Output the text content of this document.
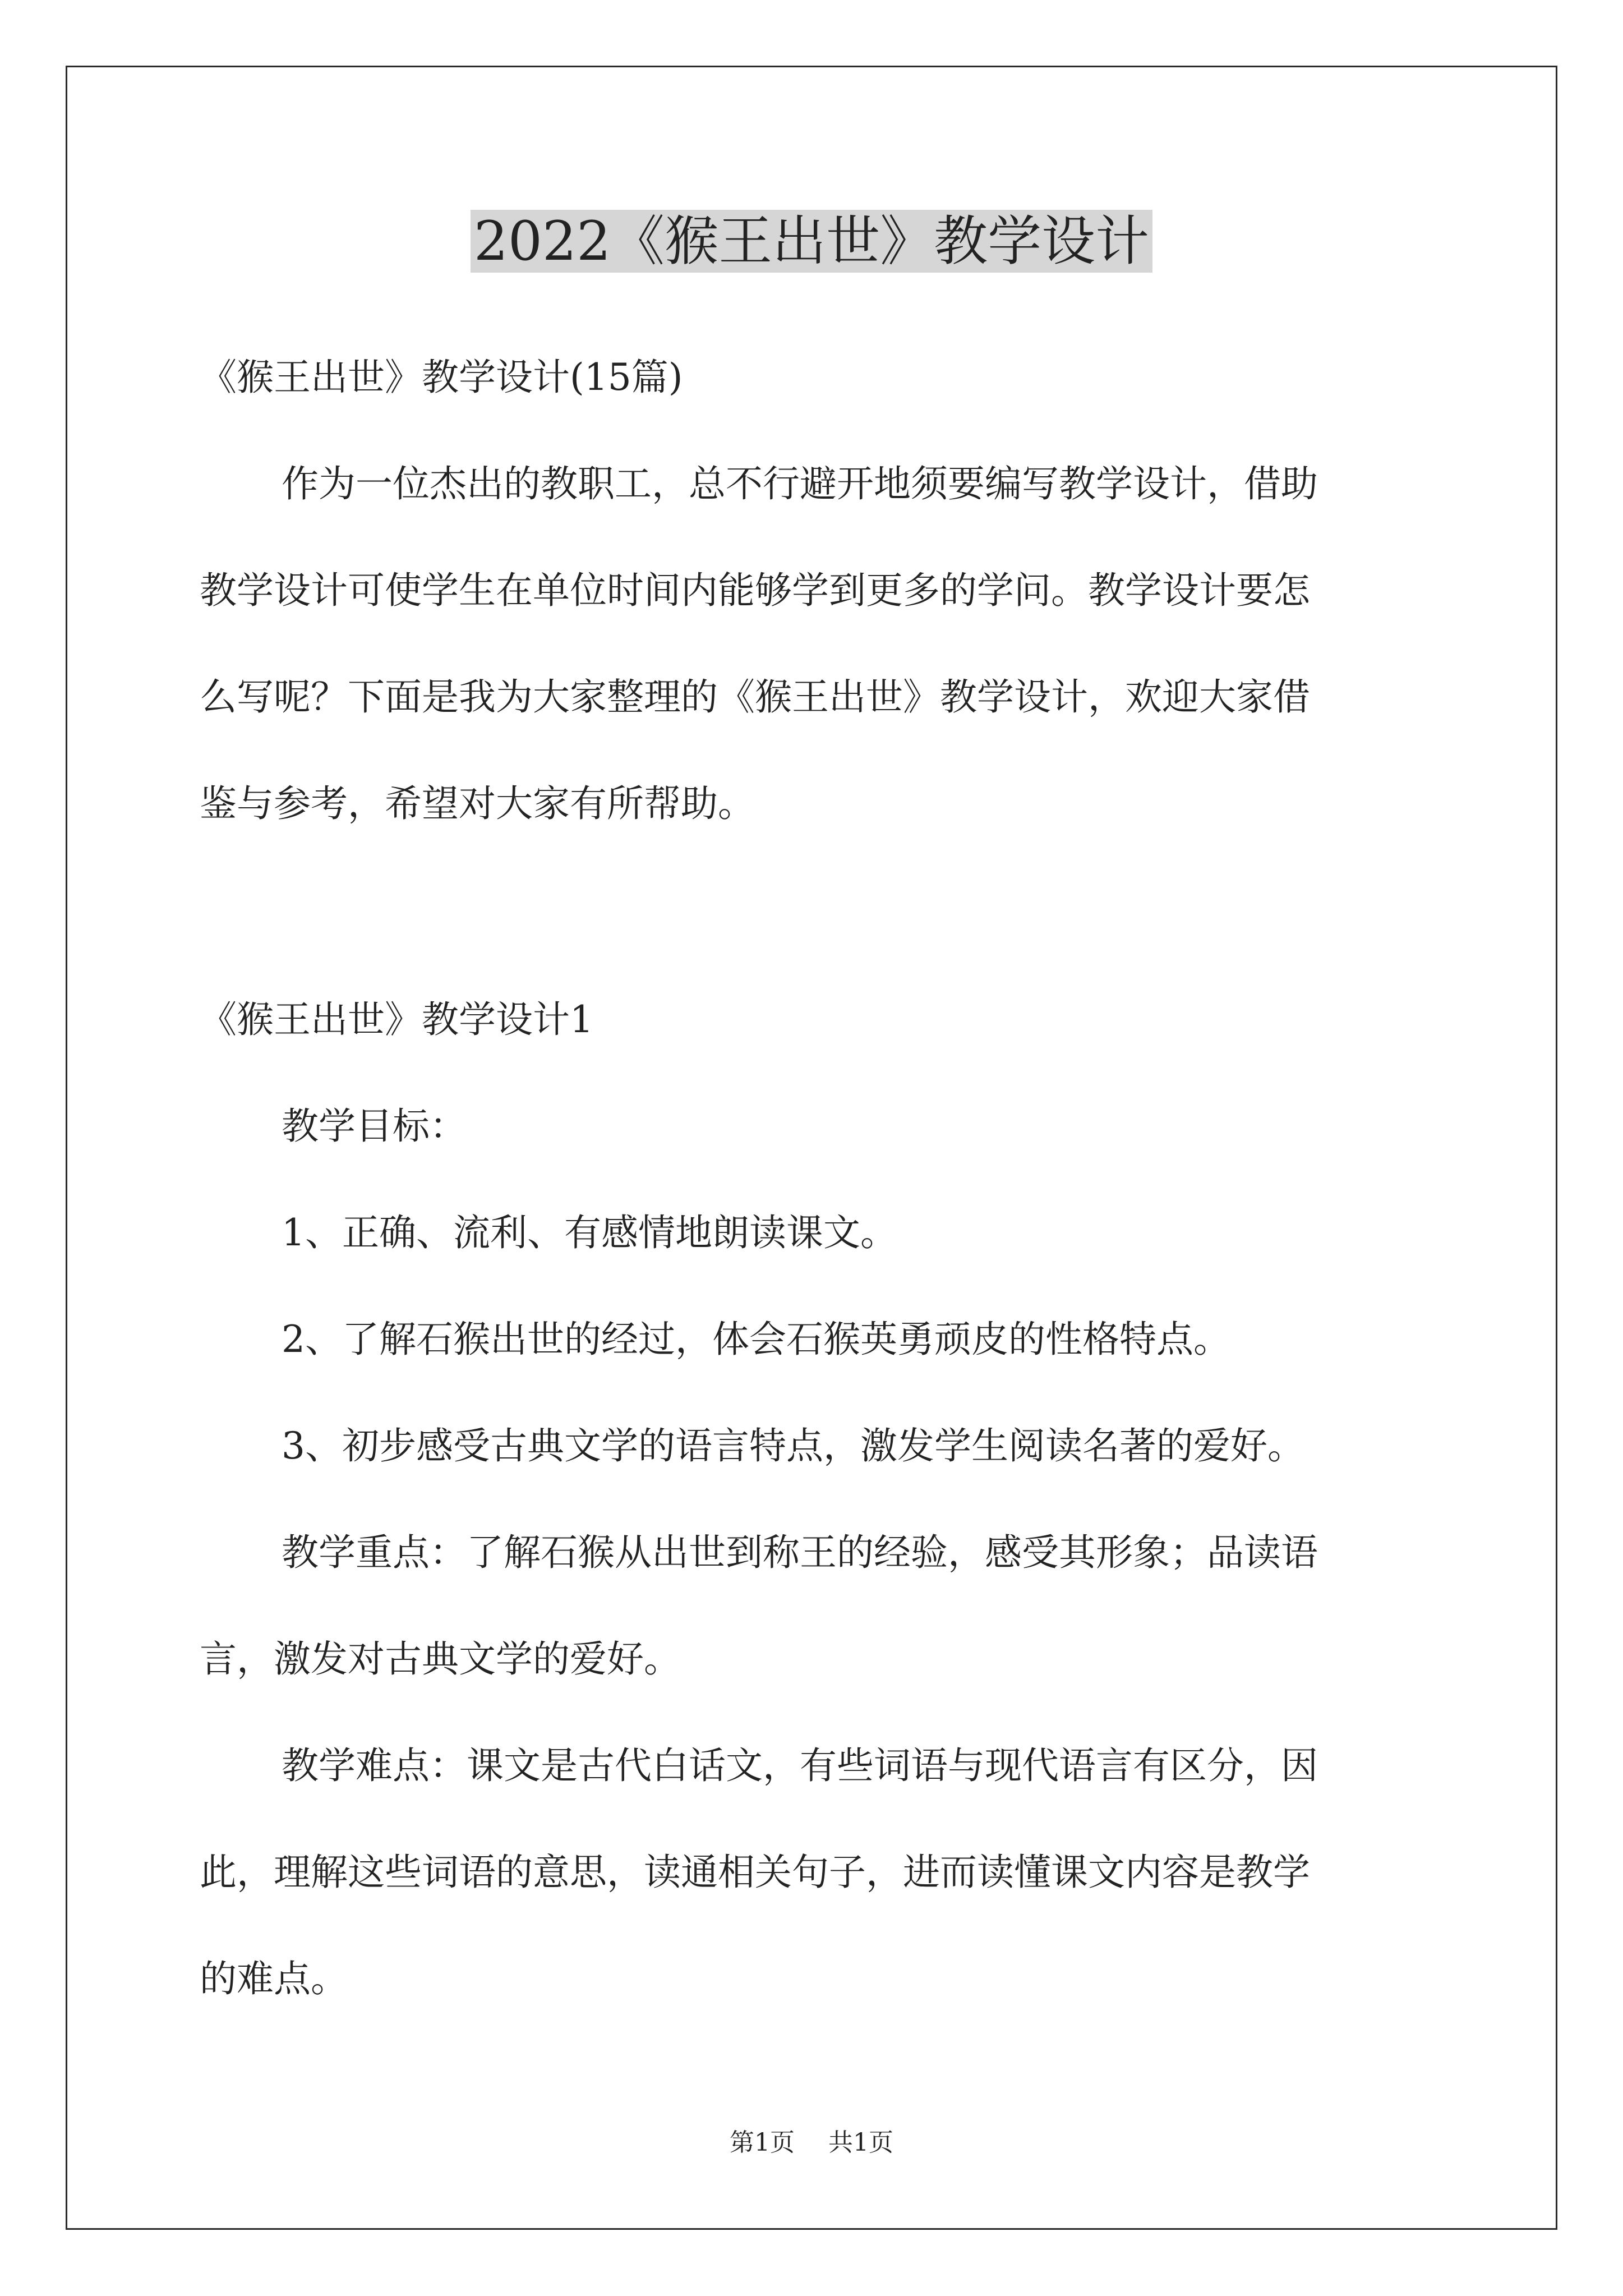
2022《猴王出世》教学设计
《猴王出世》教学设计(15篇)
作为一位杰出的教职工，总不行避开地须要编写教学设计，借助
教学设计可使学生在单位时间内能够学到更多的学问。教学设计要怎
么写呢？下面是我为大家整理的《猴王出世》教学设计，欢迎大家借
鉴与参考，希望对大家有所帮助。
《猴王出世》教学设计1
教学目标：
1、正确、流利、有感情地朗读课文。
2、了解石猴出世的经过，体会石猴英勇顽皮的性格特点。
3、初步感受古典文学的语言特点，激发学生阅读名著的爱好。
教学重点：了解石猴从出世到称王的经验，感受其形象；品读语
言，激发对古典文学的爱好。
教学难点：课文是古代白话文，有些词语与现代语言有区分，因
此，理解这些词语的意思，读通相关句子，进而读懂课文内容是教学
的难点。
第1页 共1页
